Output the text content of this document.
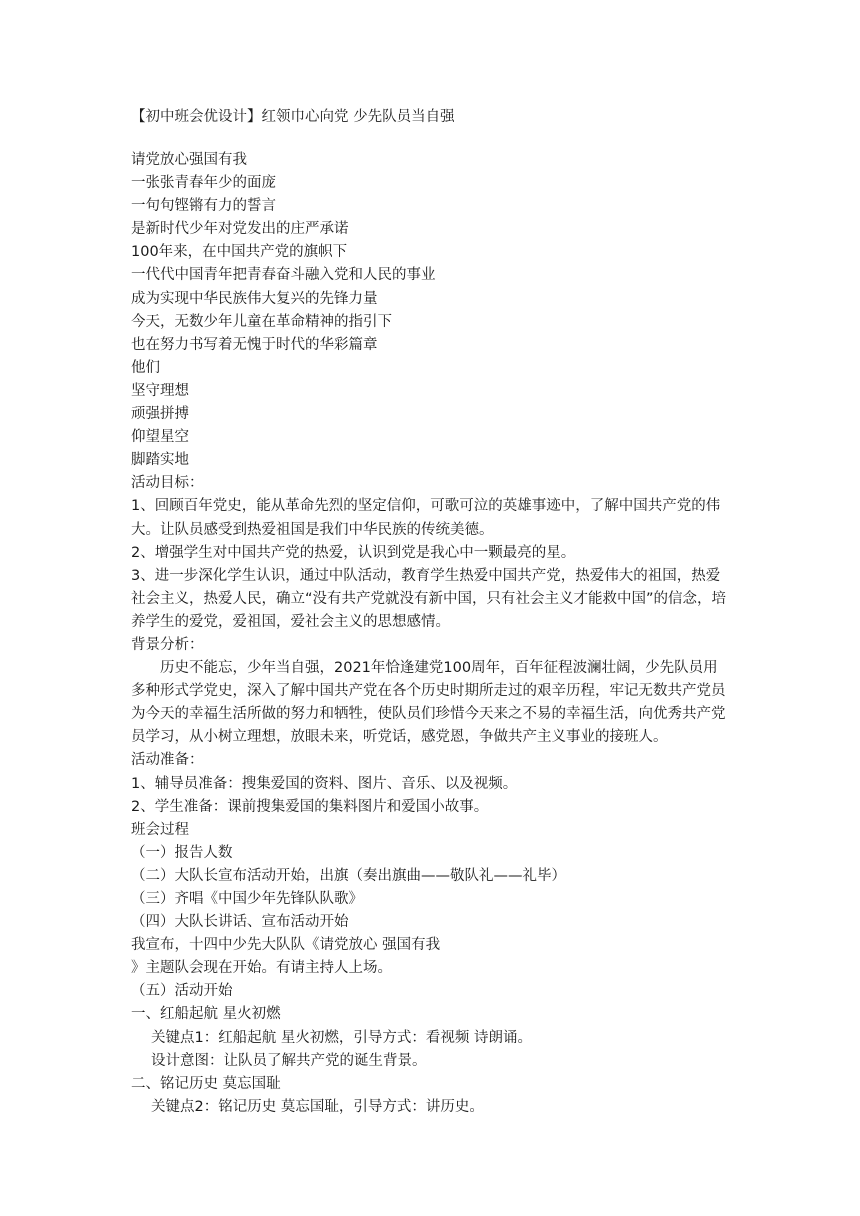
【初中班会优设计】红领巾心向党 少先队员当自强
请党放心强国有我
一张张青春年少的面庞
一句句铿锵有力的誓言
是新时代少年对党发出的庄严承诺
100年来，在中国共产党的旗帜下
一代代中国青年把青春奋斗融入党和人民的事业
成为实现中华民族伟大复兴的先锋力量
今天，无数少年儿童在革命精神的指引下
也在努力书写着无愧于时代的华彩篇章
他们
坚守理想
顽强拼搏
仰望星空
脚踏实地
活动目标：
1、回顾百年党史，能从革命先烈的坚定信仰，可歌可泣的英雄事迹中，了解中国共产党的伟大。让队员感受到热爱祖国是我们中华民族的传统美德。
2、增强学生对中国共产党的热爱，认识到党是我心中一颗最亮的星。
3、进一步深化学生认识，通过中队活动，教育学生热爱中国共产党，热爱伟大的祖国，热爱社会主义，热爱人民，确立“没有共产党就没有新中国，只有社会主义才能救中国”的信念，培养学生的爱党，爱祖国，爱社会主义的思想感情。
背景分析：
历史不能忘，少年当自强，2021年恰逢建党100周年，百年征程波澜壮阔，少先队员用多种形式学党史，深入了解中国共产党在各个历史时期所走过的艰辛历程，牢记无数共产党员为今天的幸福生活所做的努力和牺牲，使队员们珍惜今天来之不易的幸福生活，向优秀共产党员学习，从小树立理想，放眼未来，听党话，感党恩，争做共产主义事业的接班人。
活动准备：
1、辅导员准备：搜集爱国的资料、图片、音乐、以及视频。
2、学生准备：课前搜集爱国的集料图片和爱国小故事。
班会过程
（一）报告人数
（二）大队长宣布活动开始，出旗（奏出旗曲——敬队礼——礼毕）
（三）齐唱《中国少年先锋队队歌》
（四）大队长讲话、宣布活动开始
我宣布，十四中少先大队队《请党放心 强国有我
》主题队会现在开始。有请主持人上场。
（五）活动开始
一、红船起航 星火初燃
关键点1：红船起航 星火初燃，引导方式：看视频 诗朗诵。
设计意图：让队员了解共产党的诞生背景。
二、铭记历史 莫忘国耻
关键点2：铭记历史 莫忘国耻，引导方式：讲历史。
